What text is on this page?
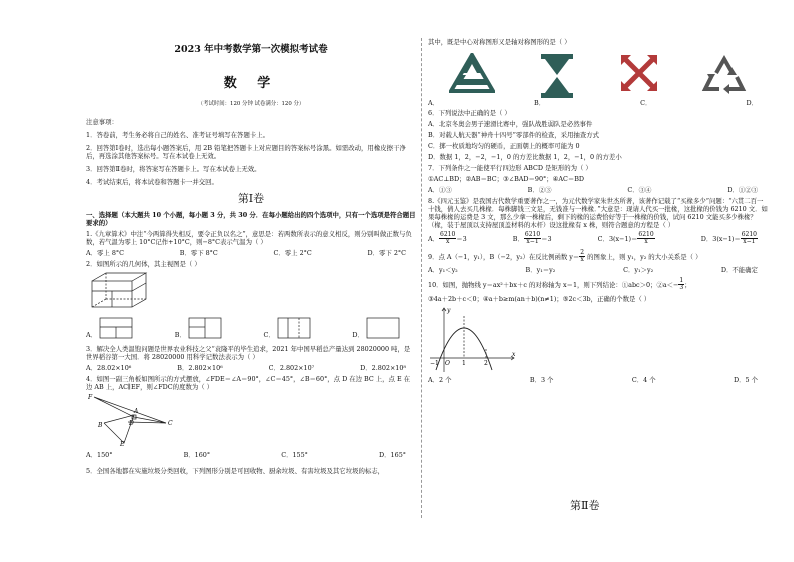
2023 年中考数学第一次模拟考试卷
数 学
（考试时间：120 分钟 试卷满分：120 分）

注意事项：

1．答卷前，考生务必将自己的姓名、准考证号填写在答题卡上。

2．回答第Ⅰ卷时，选出每小题答案后，用 2B 铅笔把答题卡上对应题目的答案标号涂黑。如需改动，用橡皮擦干净后，再选涂其他答案标号。写在本试卷上无效。

3．回答第Ⅱ卷时，将答案写在答题卡上。写在本试卷上无效。

4．考试结束后，将本试卷和答题卡一并交回。

第Ⅰ卷

一、选择题（本大题共 10 个小题，每小题 3 分，共 30 分．在每小题给出的四个选项中，只有一个选项是符合题目要求的）

1.《九章算术》中注“今两算得失相反，要令正负以名之”，意思是：若两数所表示的意义相反，则分别叫做正数与负数，若气温为零上 10°C记作+10°C，则−8°C表示气温为（ ）

A．零上 8°C	B．零下 8°C	C．零上 2°C	D．零下 2°C

2．如图所示的几何体，其主视图是（ ）

A．	B．	C．	D．

3．解决全人类温饱问题是世界农业科技之父“袁隆平的毕生追求，2021 年中国早稻总产量达到 28020000 吨，是世界稻谷第一大国．将 28020000 用科学记数法表示为（ ）

A．28.02×10⁶	B．2.802×10⁶	C．2.802×10⁷	D．2.802×10⁸

4．如图一副三角板如图所示的方式摆放，∠FDE＝∠A＝90°，∠C＝45°，∠B＝60°，点 D 在边 BC 上，点 E 在边 AB 上，AC∥EF，则∠FDC的度数为（ ）

F
A
D
B	C
E
A．150°	B．160°	C．155°	D．165°

5．全国各地都在实施垃圾分类回收，下列图形分别是可回收物、厨余垃圾、有害垃圾及其它垃圾的标志，

其中，既是中心对称图形又是轴对称图形的是（ ）

A．	B．	C．	D．

6．下列说法中正确的是（ ）

A．北京冬奥会男子速滑比赛中，强队战胜弱队是必然事件

B．对载人航天器“神舟十四号”零部件的检查，采用抽查方式

C．掷一枚质地均匀的硬币，正面朝上的概率可能为 0

D．数据 1，2，−2，−1，0 的方差比数据 1，2，−1，0 的方差小

7．下列条件之一能使平行四边形 ABCD 是矩形的为（ ）

①AC⊥BD；②AB＝BC；③∠BAD＝90°；④AC＝BD

A．①③	B．②③	C．③④	D．①②③

8.《四元玉鉴》是我国古代数学重要著作之一，为元代数学家朱世杰所著，该著作记载了“买椽多少”问题：“六贯二百一十钱，倩人去买几株椽．每株脚钱三文足，无钱准与一株椽．”大意是：现请人代买一批椽，这批椽的价钱为 6210 文．如果每株椽的运费是 3 文，那么少拿一株椽后，剩下的椽的运费恰好等于一株椽的价钱，试问 6210 文能买多少株椽？（椽，装于屋顶以支持屋顶盖材料的木杆）设这批椽有 x 株，则符合题意的方程是（ ）

A． $\frac{6210}{x} =3$	B． $\frac{6210}{x-1} =3$	C．$3(x-1)= \frac{6210}{x}$	D．$3(x-1)= \frac{6210}{x-1}$

9．点 A（−1，y₁），B（−2，y₂）在反比例函数 $y= \frac{2}{x}$ 的图象上，则 y₁，y₂ 的大小关系是（ ）

A．y₁＜y₂	B．y₁＝y₂	C．y₁＞y₂	D．不能确定

10．如图，抛物线 y＝ax²＋bx＋c 的对称轴为 x＝1，则下列结论：①abc＞0；②a＜− $\frac{1}{3}$ ；

③4a＋2b＋c＜0；④a＋b≥m(an＋b)(n≠1)；⑤2c＜3b，正确的个数是（ ）

y
x
O
−1	1	2
A．2 个	B．3 个	C．4 个	D．5 个
第Ⅱ卷
